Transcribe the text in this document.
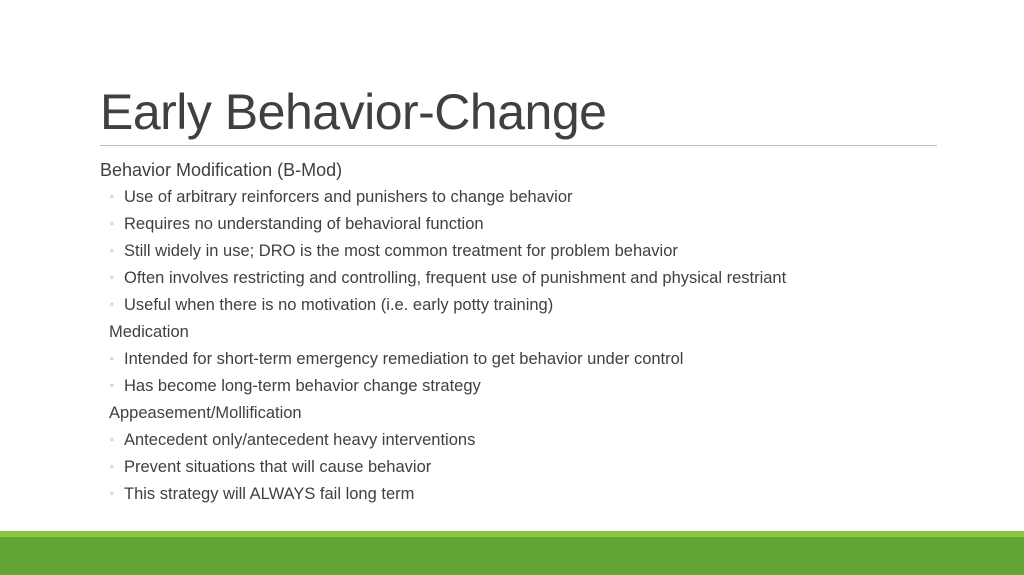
Early Behavior-Change
Behavior Modification (B-Mod)
◦ Use of arbitrary reinforcers and punishers to change behavior
◦ Requires no understanding of behavioral function
◦ Still widely in use; DRO is the most common treatment for problem behavior
◦ Often involves restricting and controlling, frequent use of punishment and physical restriant
◦ Useful when there is no motivation (i.e. early potty training)
Medication
◦ Intended for short-term emergency remediation to get behavior under control
◦ Has become long-term behavior change strategy
Appeasement/Mollification
◦ Antecedent only/antecedent heavy interventions
◦ Prevent situations that will cause behavior
◦ This strategy will ALWAYS fail long term
